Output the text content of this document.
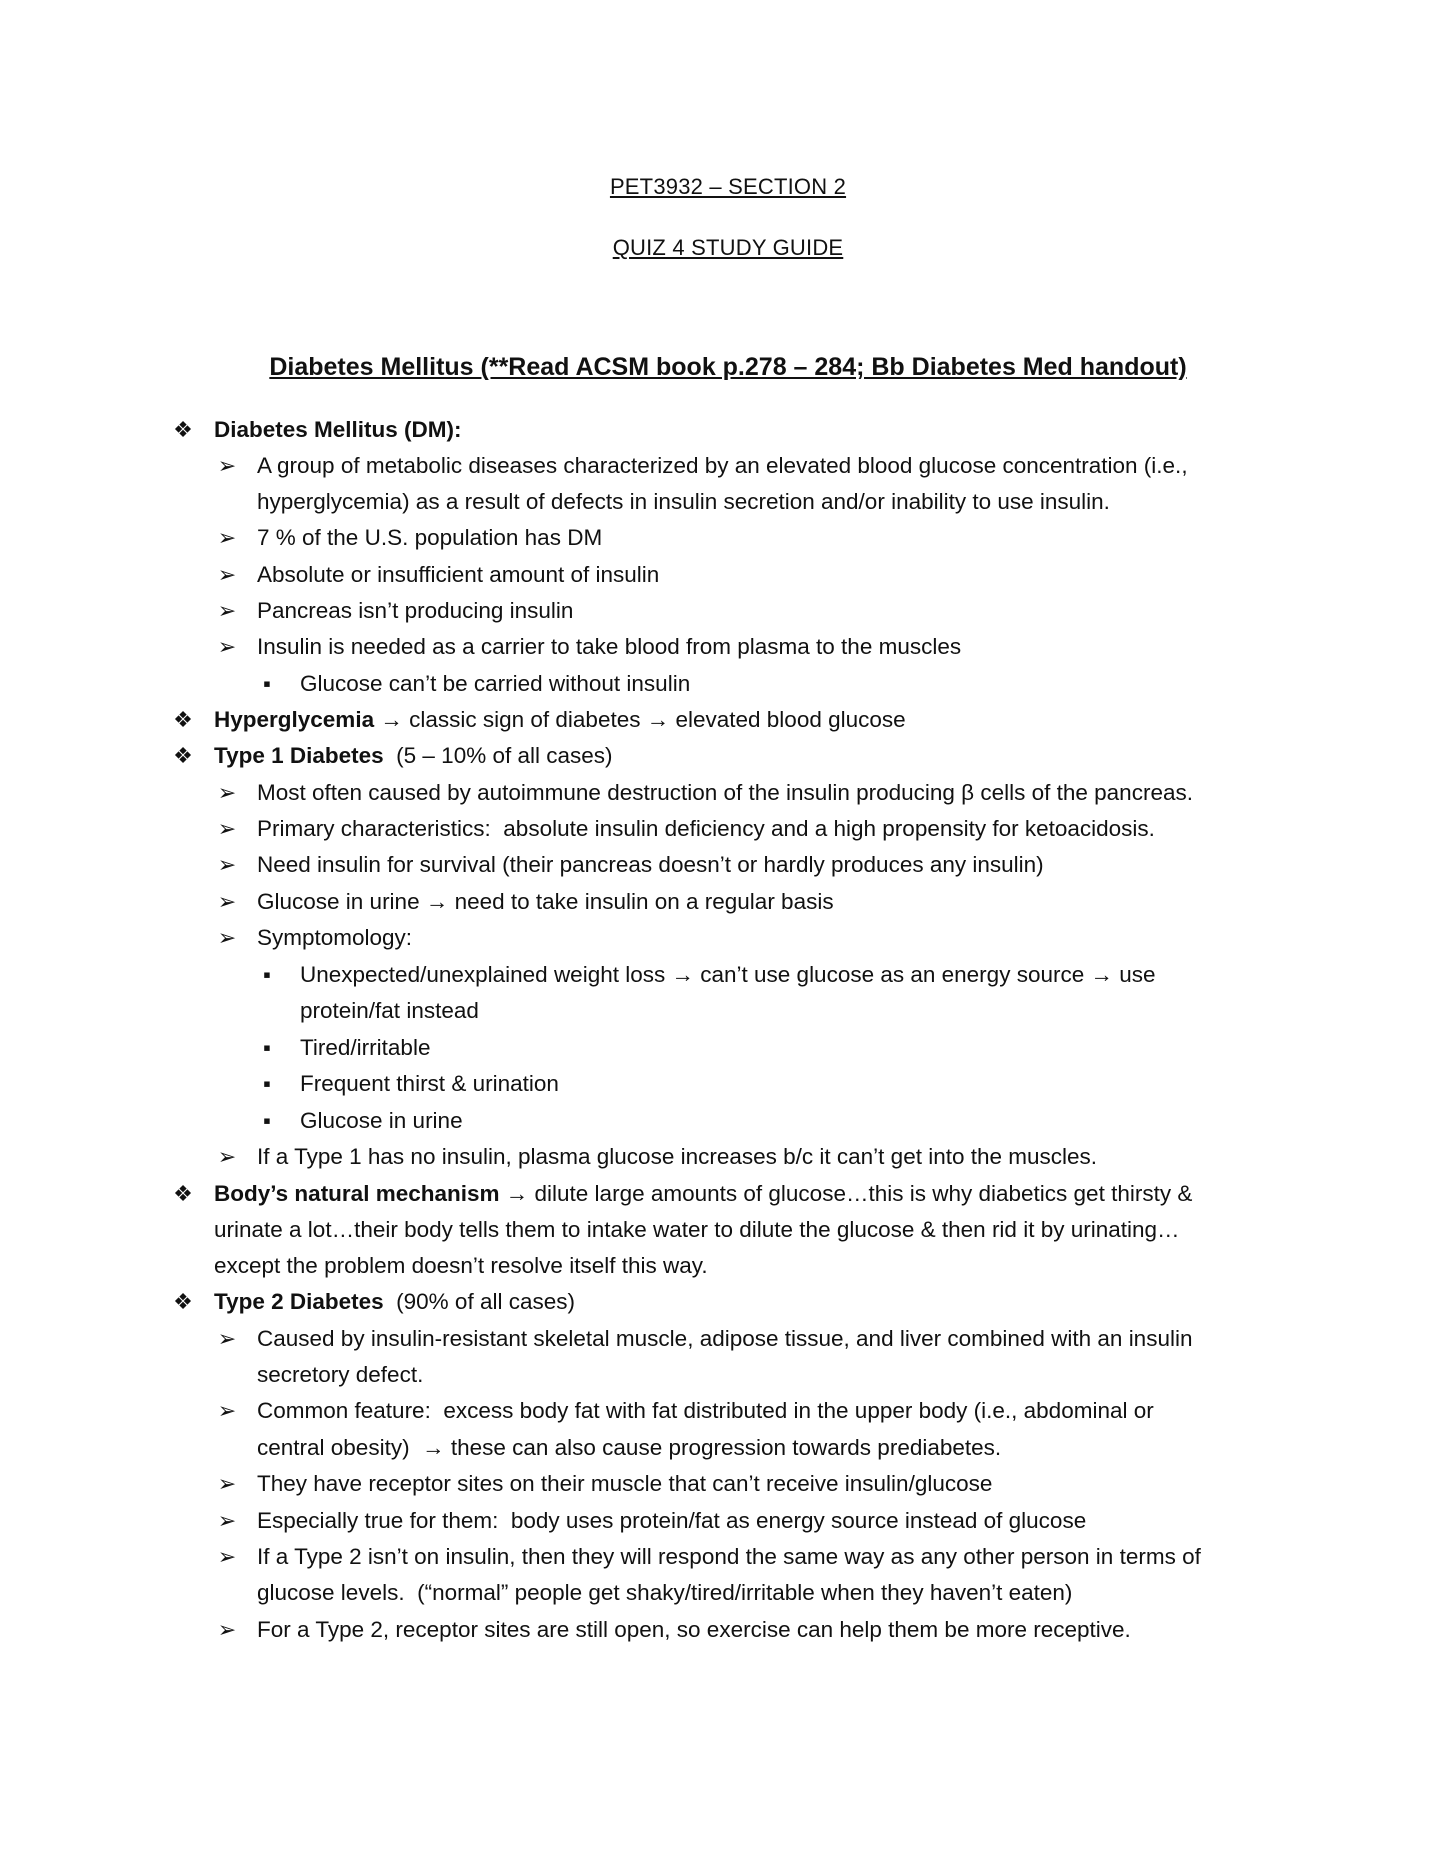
PET3932 – SECTION 2
QUIZ 4 STUDY GUIDE
Diabetes Mellitus (**Read ACSM book p.278 – 284; Bb Diabetes Med handout)
❖ Diabetes Mellitus (DM):
➢ A group of metabolic diseases characterized by an elevated blood glucose concentration (i.e.,
hyperglycemia) as a result of defects in insulin secretion and/or inability to use insulin.
➢ 7 % of the U.S. population has DM
➢ Absolute or insufficient amount of insulin
➢ Pancreas isn’t producing insulin
➢ Insulin is needed as a carrier to take blood from plasma to the muscles
▪	Glucose can’t be carried without insulin
❖ Hyperglycemia → classic sign of diabetes → elevated blood glucose
❖ Type 1 Diabetes  (5 – 10% of all cases)
➢ Most often caused by autoimmune destruction of the insulin producing β cells of the pancreas.
➢ Primary characteristics:  absolute insulin deficiency and a high propensity for ketoacidosis.
➢ Need insulin for survival (their pancreas doesn’t or hardly produces any insulin)
➢ Glucose in urine → need to take insulin on a regular basis
➢ Symptomology:
▪	Unexpected/unexplained weight loss → can’t use glucose as an energy source → use
protein/fat instead
▪	Tired/irritable
▪	Frequent thirst & urination
▪	Glucose in urine
➢ If a Type 1 has no insulin, plasma glucose increases b/c it can’t get into the muscles.
❖ Body’s natural mechanism → dilute large amounts of glucose…this is why diabetics get thirsty &
urinate a lot…their body tells them to intake water to dilute the glucose & then rid it by urinating…
except the problem doesn’t resolve itself this way.
❖ Type 2 Diabetes  (90% of all cases)
➢ Caused by insulin-resistant skeletal muscle, adipose tissue, and liver combined with an insulin
secretory defect.
➢ Common feature:  excess body fat with fat distributed in the upper body (i.e., abdominal or
central obesity)  → these can also cause progression towards prediabetes.
➢ They have receptor sites on their muscle that can’t receive insulin/glucose
➢ Especially true for them:  body uses protein/fat as energy source instead of glucose
➢ If a Type 2 isn’t on insulin, then they will respond the same way as any other person in terms of
glucose levels.  (“normal” people get shaky/tired/irritable when they haven’t eaten)
➢ For a Type 2, receptor sites are still open, so exercise can help them be more receptive.
